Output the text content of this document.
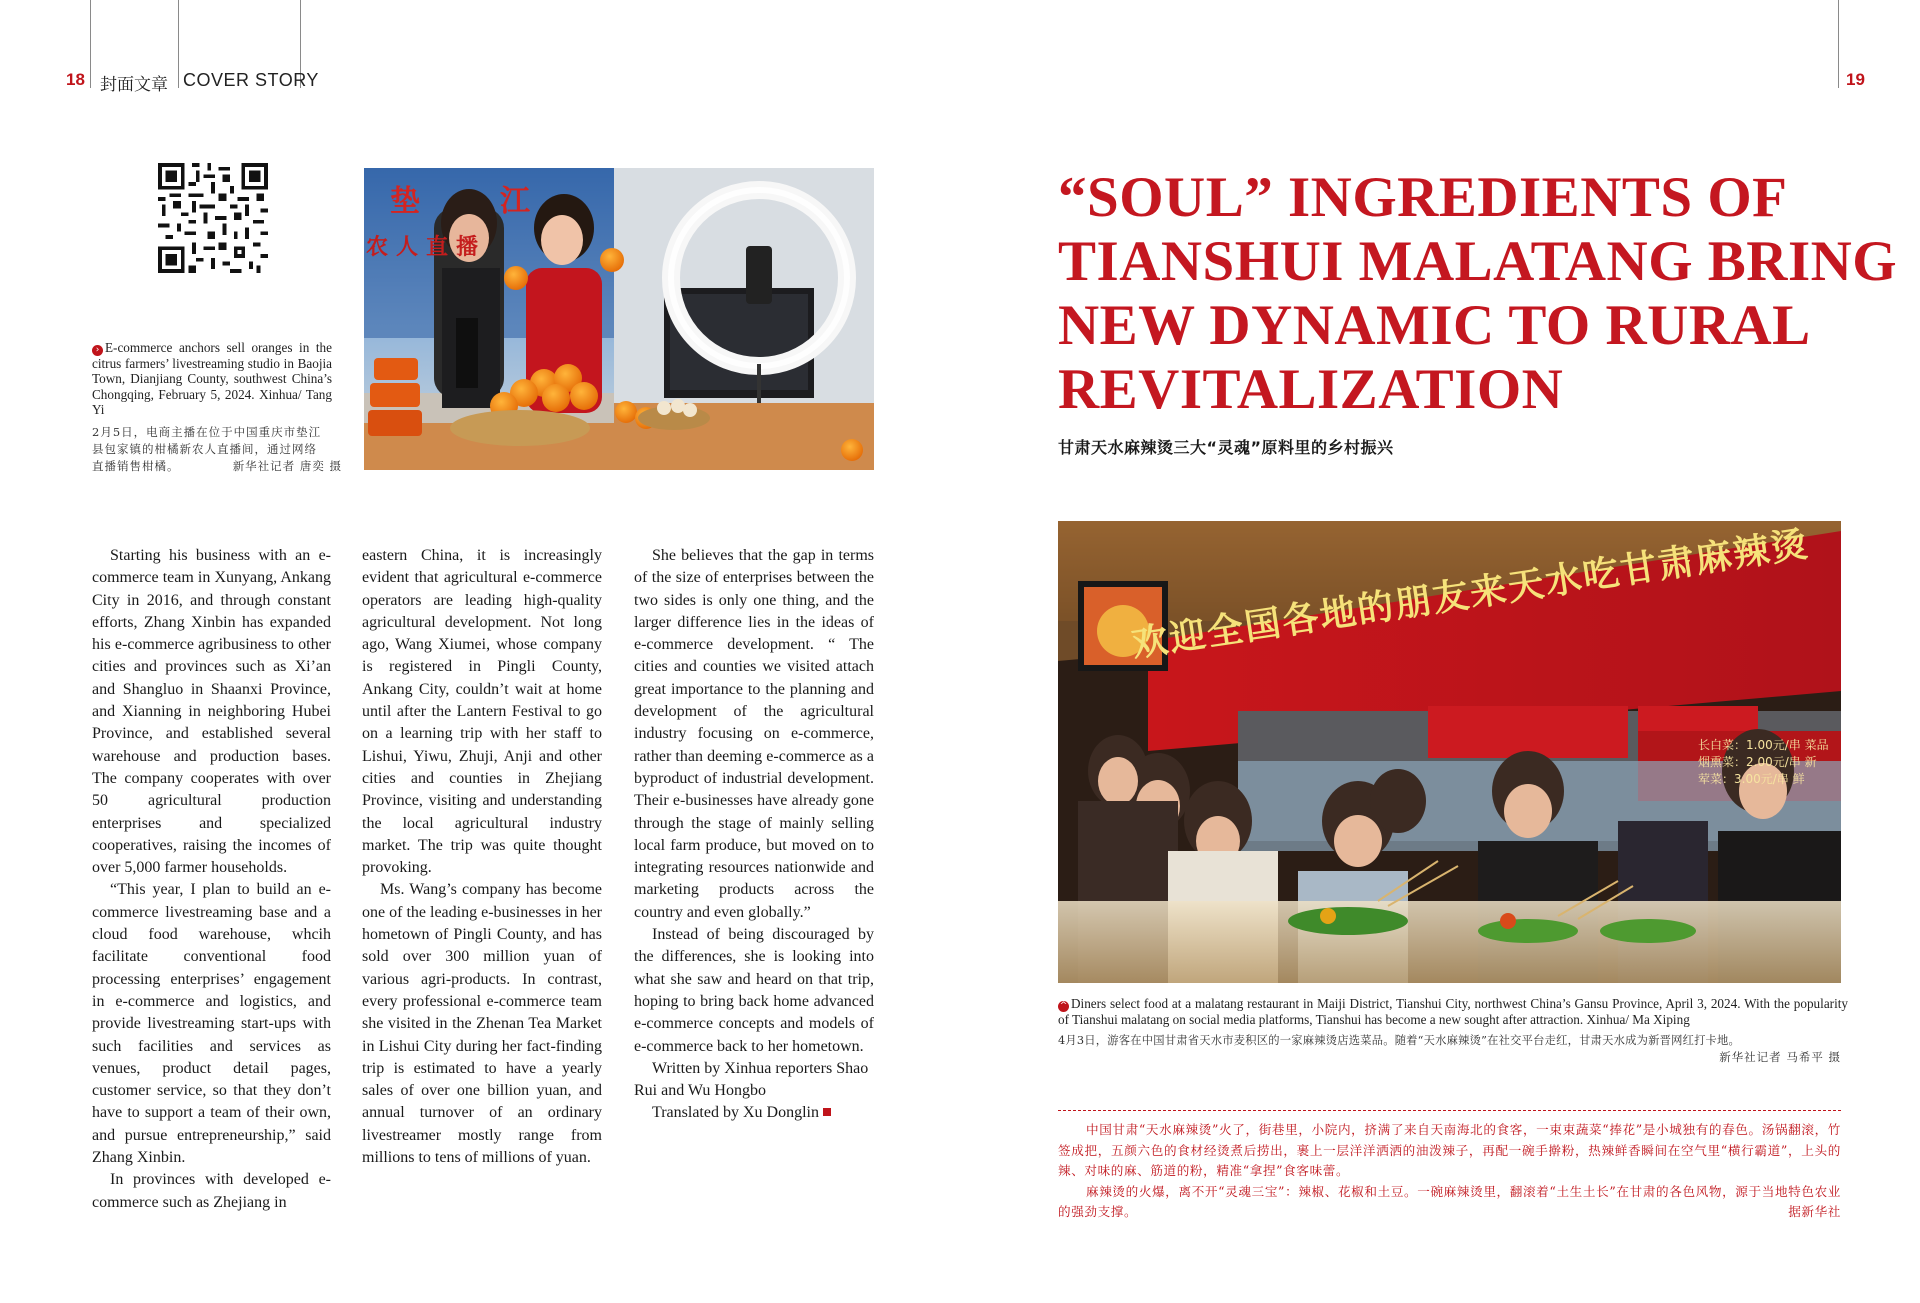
18 封面文章 COVER STORY	19
垫	江
农人直播
› E-commerce anchors sell oranges in the citrus farmers’ livestreaming studio in Baojia Town, Dianjiang County, southwest China’s Chongqing, February 5, 2024. Xinhua/ Tang Yi
2月5日，电商主播在位于中国重庆市垫江
县包家镇的柑橘新农人直播间，通过网络
直播销售柑橘。	新华社记者 唐奕 摄

Starting his business with an e-commerce team in Xunyang, Ankang City in 2016, and through constant efforts, Zhang Xinbin has expanded his e-commerce agribusiness to other cities and provinces such as Xi’an and Shangluo in Shaanxi Province, and Xianning in neighboring Hubei Province, and established several warehouse and production bases. The company cooperates with over 50 agricultural production enterprises and specialized cooperatives, raising the incomes of over 5,000 farmer households.

“This year, I plan to build an e-commerce livestreaming base and a cloud food warehouse, whcih facilitate conventional food processing enterprises’ engagement in e-commerce and logistics, and provide livestreaming start-ups with such facilities and services as venues, product detail pages, customer service, so that they don’t have to support a team of their own, and pursue entrepreneurship,” said Zhang Xinbin.

In provinces with developed e-commerce such as Zhejiang in

eastern China, it is increasingly evident that agricultural e-commerce operators are leading high-quality agricultural development. Not long ago, Wang Xiumei, whose company is registered in Pingli County, Ankang City, couldn’t wait at home until after the Lantern Festival to go on a learning trip with her staff to Lishui, Yiwu, Zhuji, Anji and other cities and counties in Zhejiang Province, visiting and understanding the local agricultural industry market. The trip was quite thought provoking.

Ms. Wang’s company has become one of the leading e-businesses in her hometown of Pingli County, and has sold over 300 million yuan of various agri-products. In contrast, every professional e-commerce team she visited in the Zhenan Tea Market in Lishui City during her fact-finding trip is estimated to have a yearly sales of over one billion yuan, and annual turnover of an ordinary livestreamer mostly range from millions to tens of millions of yuan.

She believes that the gap in terms of the size of enterprises between the two sides is only one thing, and the larger difference lies in the ideas of e-commerce development. “ The cities and counties we visited attach great importance to the planning and development of the agricultural industry focusing on e-commerce, rather than deeming e-commerce as a byproduct of industrial development. Their e-businesses have already gone through the stage of mainly selling local farm produce, but moved on to integrating resources nationwide and marketing products across the country and even globally.”

Instead of being discouraged by the differences, she is looking into what she saw and heard on that trip, hoping to bring back home advanced e-commerce concepts and models of e-commerce back to her hometown.

Written by Xinhua reporters Shao Rui and Wu Hongbo

Translated by Xu Donglin

“SOUL” INGREDIENTS OF
TIANSHUI MALATANG BRING
NEW DYNAMIC TO RURAL
REVITALIZATION
甘肃天水麻辣烫三大“灵魂”原料里的乡村振兴
欢迎全国各地的朋友来天水吃甘肃麻辣烫
长白菜：1.00元/串 菜品
烟熏菜：2.00元/串 新
荤菜：3.00元/串 鲜
^ Diners select food at a malatang restaurant in Maiji District, Tianshui City, northwest China’s Gansu Province, April 3, 2024. With the popularity of Tianshui malatang on social media platforms, Tianshui has become a new sought after attraction. Xinhua/ Ma Xiping
4月3日，游客在中国甘肃省天水市麦积区的一家麻辣烫店选菜品。随着“天水麻辣烫”在社交平台走红，甘肃天水成为新晋网红打卡地。
新华社记者 马希平 摄

中国甘肃“天水麻辣烫”火了，街巷里，小院内，挤满了来自天南海北的食客，一束束蔬菜“捧花”是小城独有的春色。汤锅翻滚，竹签成把，五颜六色的食材经烫煮后捞出，裹上一层洋洋洒洒的油泼辣子，再配一碗手擀粉，热辣鲜香瞬间在空气里“横行霸道”，上头的辣、对味的麻、筋道的粉，精准“拿捏”食客味蕾。

麻辣烫的火爆，离不开“灵魂三宝”：辣椒、花椒和土豆。一碗麻辣烫里，翻滚着“土生土长”在甘肃的各色风物，源于当地特色农业的强劲支撑。	据新华社
